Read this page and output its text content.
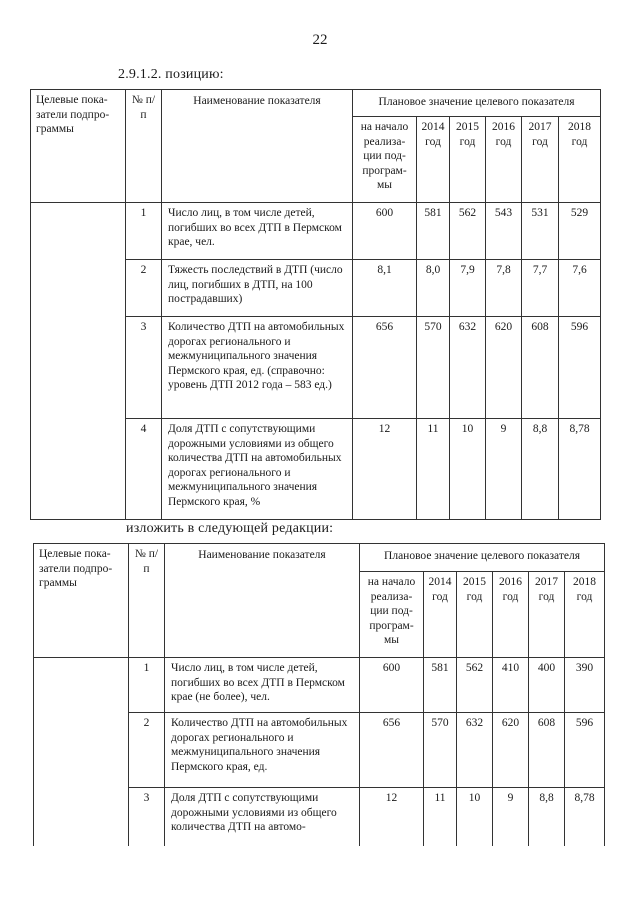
22
2.9.1.2. позицию:
Целевые пока-затели подпро-граммы	№ п/п	Наименование показателя	Плановое значение целевого показателя					
			на начало реализа-ции под-програм-мы	2014 год	2015 год	2016 год	2017 год	2018 год
	1	Число лиц, в том числе детей, погибших во всех ДТП в Пермском крае, чел.	600	581	562	543	531	529
	2	Тяжесть последствий в ДТП (число лиц, погибших в ДТП, на 100 пострадавших)	8,1	8,0	7,9	7,8	7,7	7,6
	3	Количество ДТП на автомобильных дорогах регионального и межмуниципального значения Пермского края, ед. (справочно: уровень ДТП 2012 года – 583 ед.)	656	570	632	620	608	596
	4	Доля ДТП с сопутствующими дорожными условиями из общего количества ДТП на автомобильных дорогах регионального и межмуниципального значения Пермского края, %	12	11	10	9	8,8	8,78
изложить в следующей редакции:
Целевые пока-затели подпро-граммы	№ п/п	Наименование показателя	Плановое значение целевого показателя					
			на начало реализа-ции под-програм-мы	2014 год	2015 год	2016 год	2017 год	2018 год
	1	Число лиц, в том числе детей, погибших во всех ДТП в Пермском крае (не более), чел.	600	581	562	410	400	390
	2	Количество ДТП на автомобильных дорогах регионального и межмуниципального значения Пермского края, ед.	656	570	632	620	608	596
	3	Доля ДТП с сопутствующими дорожными условиями из общего количества ДТП на автомо-	12	11	10	9	8,8	8,78
